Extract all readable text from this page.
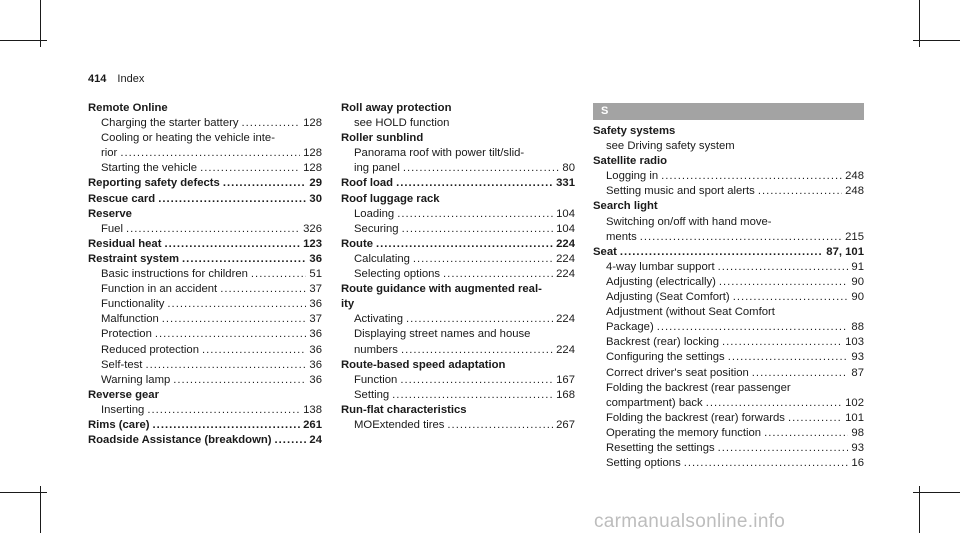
414 Index
Remote Online
Charging the starter battery .....	128
Cooling or heating the vehicle inte-
rior .....	128
Starting the vehicle .....	128
Reporting safety defects .....	29
Rescue card .....	30
Reserve
Fuel .....	326
Residual heat .....	123
Restraint system .....	36
Basic instructions for children .....	51
Function in an accident .....	37
Functionality .....	36
Malfunction .....	37
Protection .....	36
Reduced protection .....	36
Self-test .....	36
Warning lamp .....	36
Reverse gear
Inserting .....	138
Rims (care) .....	261
Roadside Assistance (breakdown) .....	24
Roll away protection
see HOLD function
Roller sunblind
Panorama roof with power tilt/slid-
ing panel .....	80
Roof load .....	331
Roof luggage rack
Loading .....	104
Securing .....	104
Route .....	224
Calculating .....	224
Selecting options .....	224
Route guidance with augmented real-
ity
Activating .....	224
Displaying street names and house
numbers .....	224
Route-based speed adaptation
Function .....	167
Setting .....	168
Run-flat characteristics
MOExtended tires .....	267
S
Safety systems
see Driving safety system
Satellite radio
Logging in .....	248
Setting music and sport alerts .....	248
Search light
Switching on/off with hand move-
ments .....	215
Seat .....	87, 101
4-way lumbar support .....	91
Adjusting (electrically) .....	90
Adjusting (Seat Comfort) .....	90
Adjustment (without Seat Comfort
Package) .....	88
Backrest (rear) locking .....	103
Configuring the settings .....	93
Correct driver's seat position .....	87
Folding the backrest (rear passenger
compartment) back .....	102
Folding the backrest (rear) forwards .....	101
Operating the memory function .....	98
Resetting the settings .....	93
Setting options .....	16
carmanualsonline.info
